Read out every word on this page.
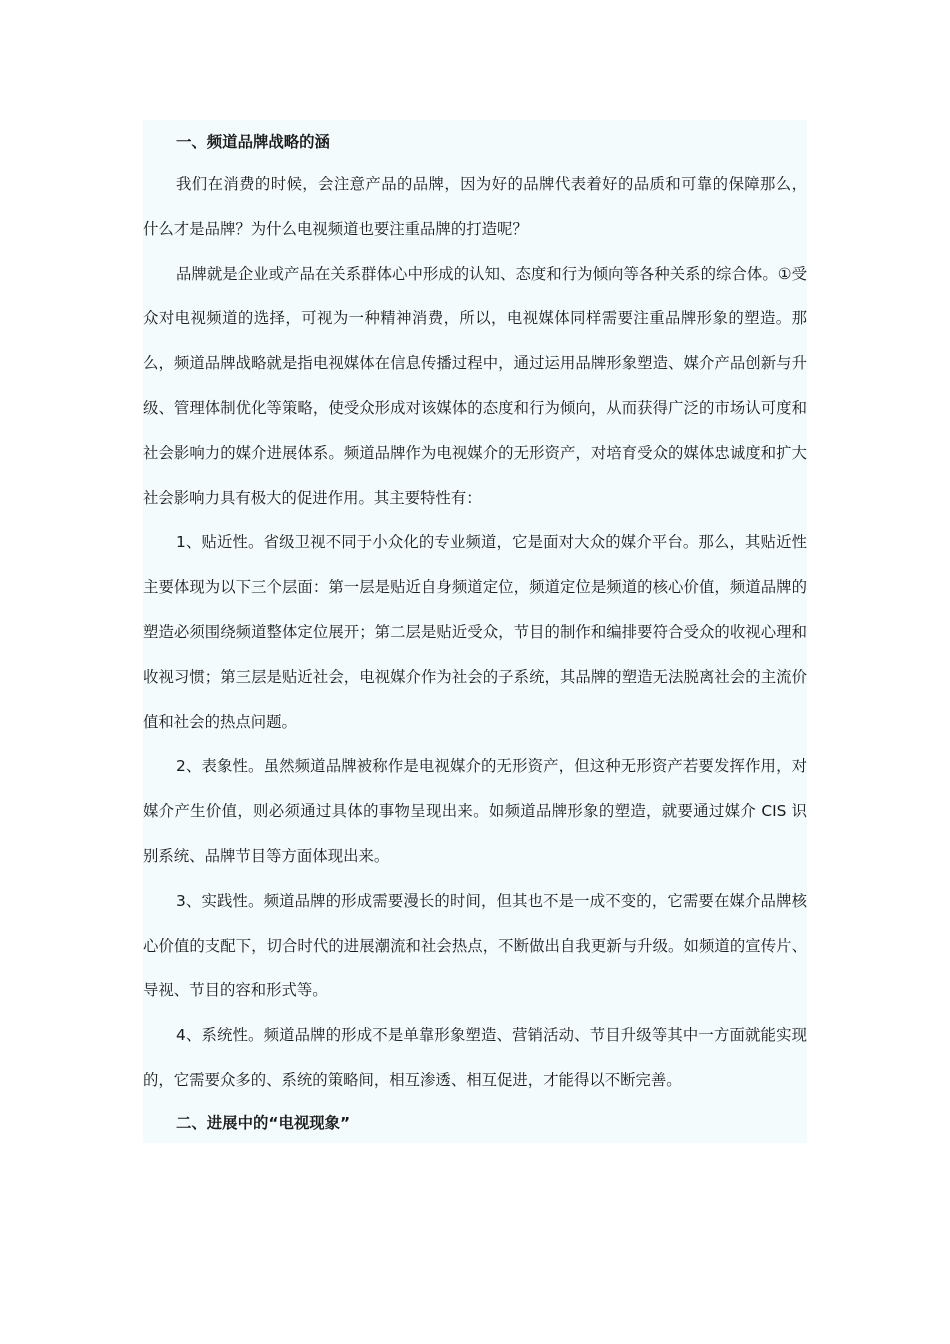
一、频道品牌战略的涵

我们在消费的时候，会注意产品的品牌，因为好的品牌代表着好的品质和可靠的保障那么，什么才是品牌？为什么电视频道也要注重品牌的打造呢？

品牌就是企业或产品在关系群体心中形成的认知、态度和行为倾向等各种关系的综合体。①受众对电视频道的选择，可视为一种精神消费，所以，电视媒体同样需要注重品牌形象的塑造。那么，频道品牌战略就是指电视媒体在信息传播过程中，通过运用品牌形象塑造、媒介产品创新与升级、管理体制优化等策略，使受众形成对该媒体的态度和行为倾向，从而获得广泛的市场认可度和社会影响力的媒介进展体系。频道品牌作为电视媒介的无形资产，对培育受众的媒体忠诚度和扩大社会影响力具有极大的促进作用。其主要特性有：

1、贴近性。省级卫视不同于小众化的专业频道，它是面对大众的媒介平台。那么，其贴近性主要体现为以下三个层面：第一层是贴近自身频道定位，频道定位是频道的核心价值，频道品牌的塑造必须围绕频道整体定位展开；第二层是贴近受众，节目的制作和编排要符合受众的收视心理和收视习惯；第三层是贴近社会，电视媒介作为社会的子系统，其品牌的塑造无法脱离社会的主流价值和社会的热点问题。

2、表象性。虽然频道品牌被称作是电视媒介的无形资产，但这种无形资产若要发挥作用，对媒介产生价值，则必须通过具体的事物呈现出来。如频道品牌形象的塑造，就要通过媒介 CIS 识别系统、品牌节目等方面体现出来。

3、实践性。频道品牌的形成需要漫长的时间，但其也不是一成不变的，它需要在媒介品牌核心价值的支配下，切合时代的进展潮流和社会热点，不断做出自我更新与升级。如频道的宣传片、导视、节目的容和形式等。

4、系统性。频道品牌的形成不是单靠形象塑造、营销活动、节目升级等其中一方面就能实现的，它需要众多的、系统的策略间，相互渗透、相互促进，才能得以不断完善。

二、进展中的“电视现象”
